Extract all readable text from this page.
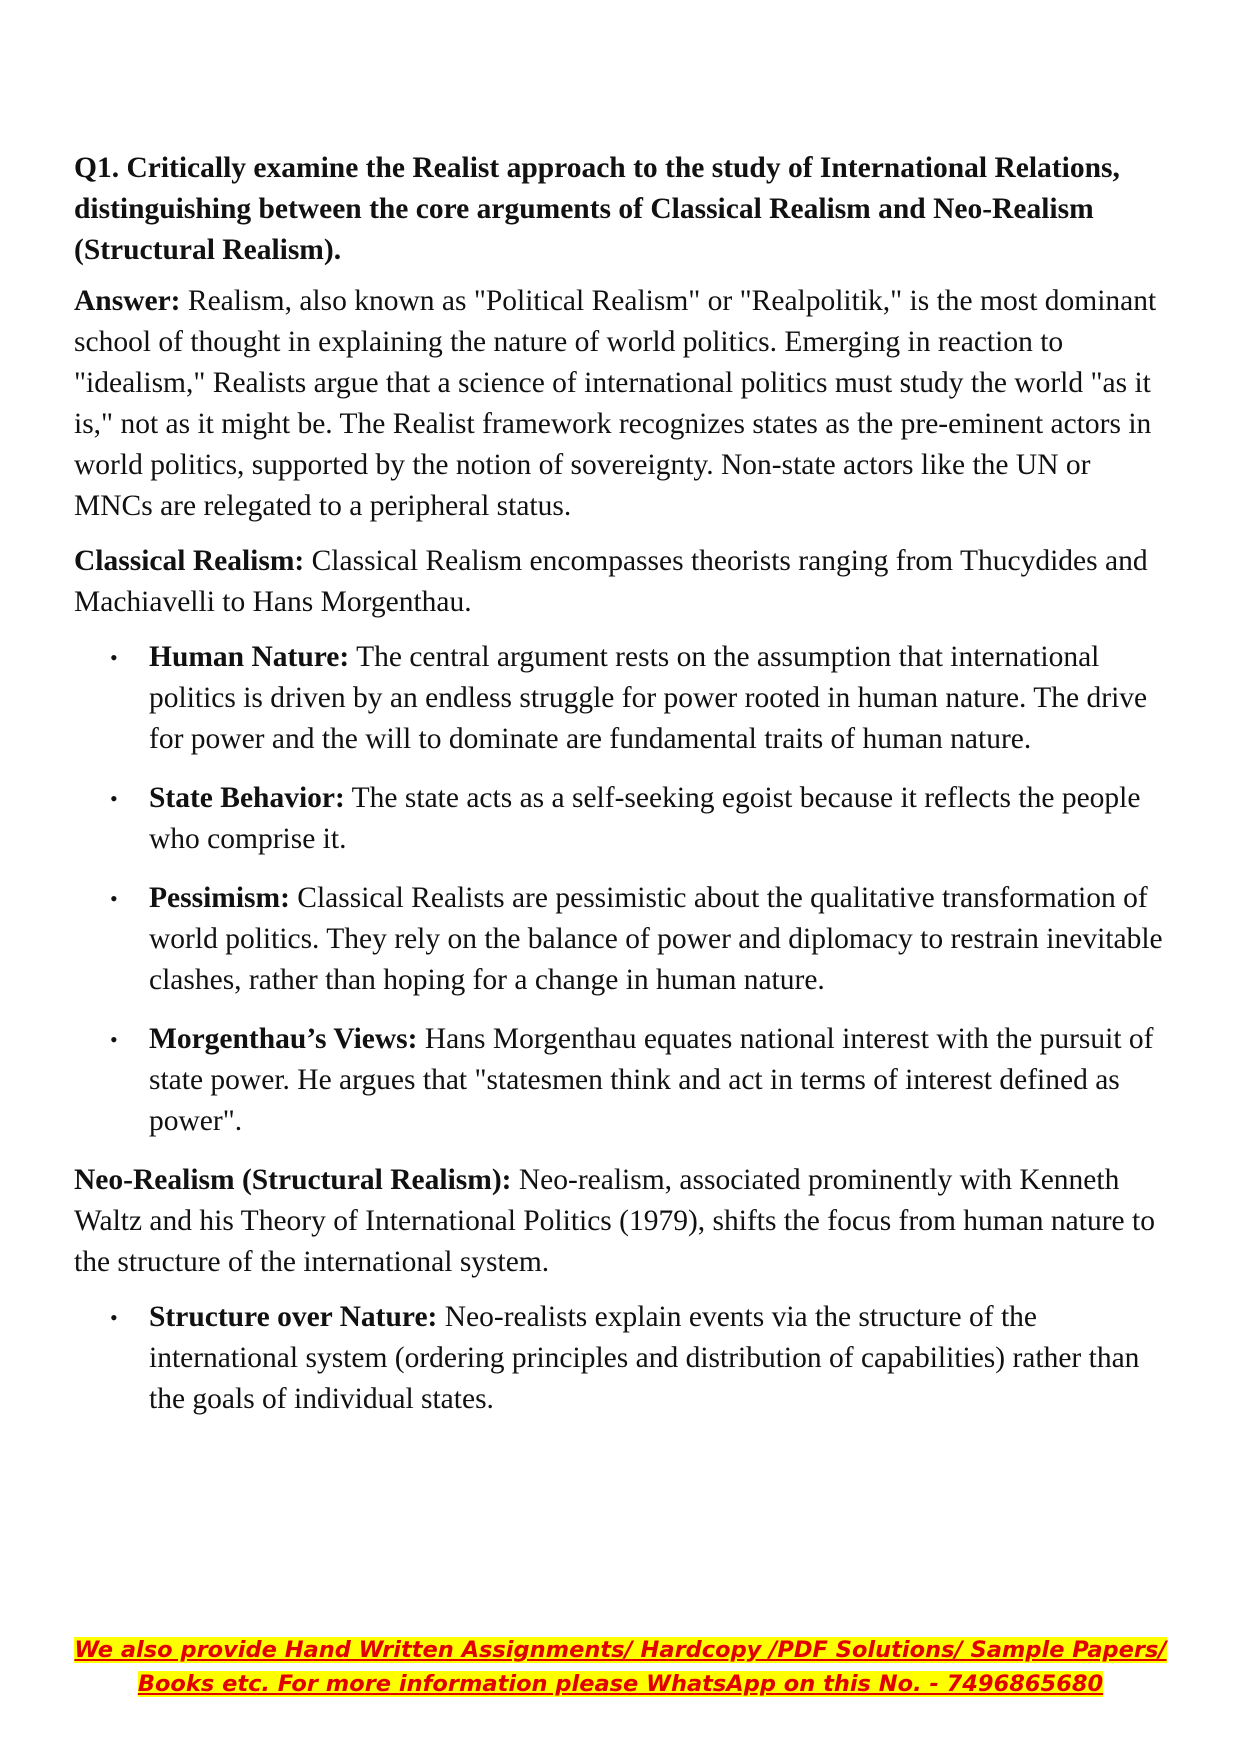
Q1. Critically examine the Realist approach to the study of International Relations, distinguishing between the core arguments of Classical Realism and Neo-Realism (Structural Realism).

Answer: Realism, also known as "Political Realism" or "Realpolitik," is the most dominant school of thought in explaining the nature of world politics. Emerging in reaction to "idealism," Realists argue that a science of international politics must study the world "as it is," not as it might be. The Realist framework recognizes states as the pre-eminent actors in world politics, supported by the notion of sovereignty. Non-state actors like the UN or MNCs are relegated to a peripheral status.

Classical Realism: Classical Realism encompasses theorists ranging from Thucydides and Machiavelli to Hans Morgenthau.

• Human Nature: The central argument rests on the assumption that international politics is driven by an endless struggle for power rooted in human nature. The drive for power and the will to dominate are fundamental traits of human nature.
• State Behavior: The state acts as a self-seeking egoist because it reflects the people who comprise it.
• Pessimism: Classical Realists are pessimistic about the qualitative transformation of world politics. They rely on the balance of power and diplomacy to restrain inevitable clashes, rather than hoping for a change in human nature.
• Morgenthau’s Views: Hans Morgenthau equates national interest with the pursuit of state power. He argues that "statesmen think and act in terms of interest defined as power".

Neo-Realism (Structural Realism): Neo-realism, associated prominently with Kenneth Waltz and his Theory of International Politics (1979), shifts the focus from human nature to the structure of the international system.

• Structure over Nature: Neo-realists explain events via the structure of the international system (ordering principles and distribution of capabilities) rather than the goals of individual states.
We also provide Hand Written Assignments/ Hardcopy /PDF Solutions/ Sample Papers/
Books etc. For more information please WhatsApp on this No. - 7496865680
